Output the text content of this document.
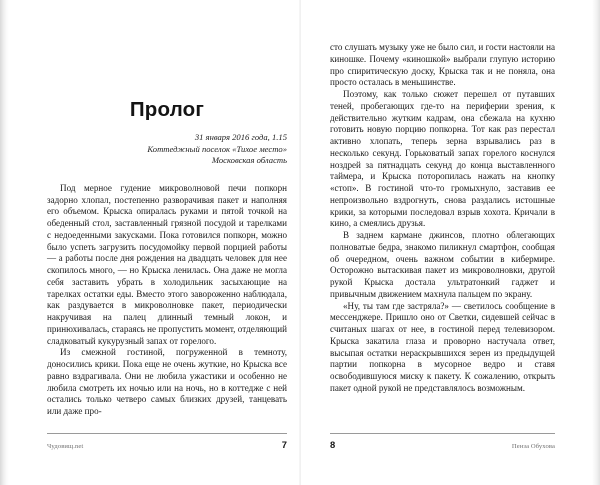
Пролог
31 января 2016 года, 1.15
Коттеджный поселок «Тихое место»
Московская область

Под мерное гудение микроволновой печи попкорн задорно хлопал, постепенно разворачивая пакет и наполняя его объемом. Крыска опиралась руками и пятой точкой на обеденный стол, заставленный грязной посудой и тарелками с недоеденными закусками. Пока готовился попкорн, можно было успеть загрузить посудомойку первой порцией работы — а работы после дня рождения на двадцать человек для нее скопилось много, — но Крыска ленилась. Она даже не могла себя заставить убрать в холодильник засыхающие на тарелках остатки еды. Вместо этого завороженно наблюдала, как раздувается в микроволновке пакет, периодически накручивая на палец длинный темный локон, и принюхивалась, стараясь не пропустить момент, отделяющий сладковатый кукурузный запах от горелого.

Из смежной гостиной, погруженной в темноту, доносились крики. Пока еще не очень жуткие, но Крыска все равно вздрагивала. Они не любила ужастики и особенно не любила смотреть их ночью или на ночь, но в коттедже с ней остались только четверо самых близких друзей, танцевать или даже про-

Чудовищ.net	7

сто слушать музыку уже не было сил, и гости настояли на киношке. Почему «киношкой» выбрали глупую историю про спиритическую доску, Крыска так и не поняла, она просто осталась в меньшинстве.

Поэтому, как только сюжет перешел от путавших теней, пробегающих где-то на периферии зрения, к действительно жутким кадрам, она сбежала на кухню готовить новую порцию попкорна. Тот как раз перестал активно хлопать, теперь зерна взрывались раз в несколько секунд. Горьковатый запах горелого коснулся ноздрей за пятнадцать секунд до конца выставленного таймера, и Крыска поторопилась нажать на кнопку «стоп». В гостиной что-то громыхнуло, заставив ее непроизвольно вздрогнуть, снова раздались истошные крики, за которыми последовал взрыв хохота. Кричали в кино, а смеялись друзья.

В заднем кармане джинсов, плотно облегающих полноватые бедра, знакомо пиликнул смартфон, сообщая об очередном, очень важном событии в кибермире. Осторожно вытаскивая пакет из микроволновки, другой рукой Крыска достала ультратонкий гаджет и привычным движением махнула пальцем по экрану.

«Ну, ты там где застряла?» — светилось сообщение в мессенджере. Пришло оно от Светки, сидевшей сейчас в считаных шагах от нее, в гостиной перед телевизором. Крыска закатила глаза и проворно настучала ответ, высыпая остатки нераскрывшихся зерен из предыдущей партии попкорна в мусорное ведро и ставя освободившуюся миску к пакету. К сожалению, открыть пакет одной рукой не представлялось возможным.

8	Пенза Обухова
